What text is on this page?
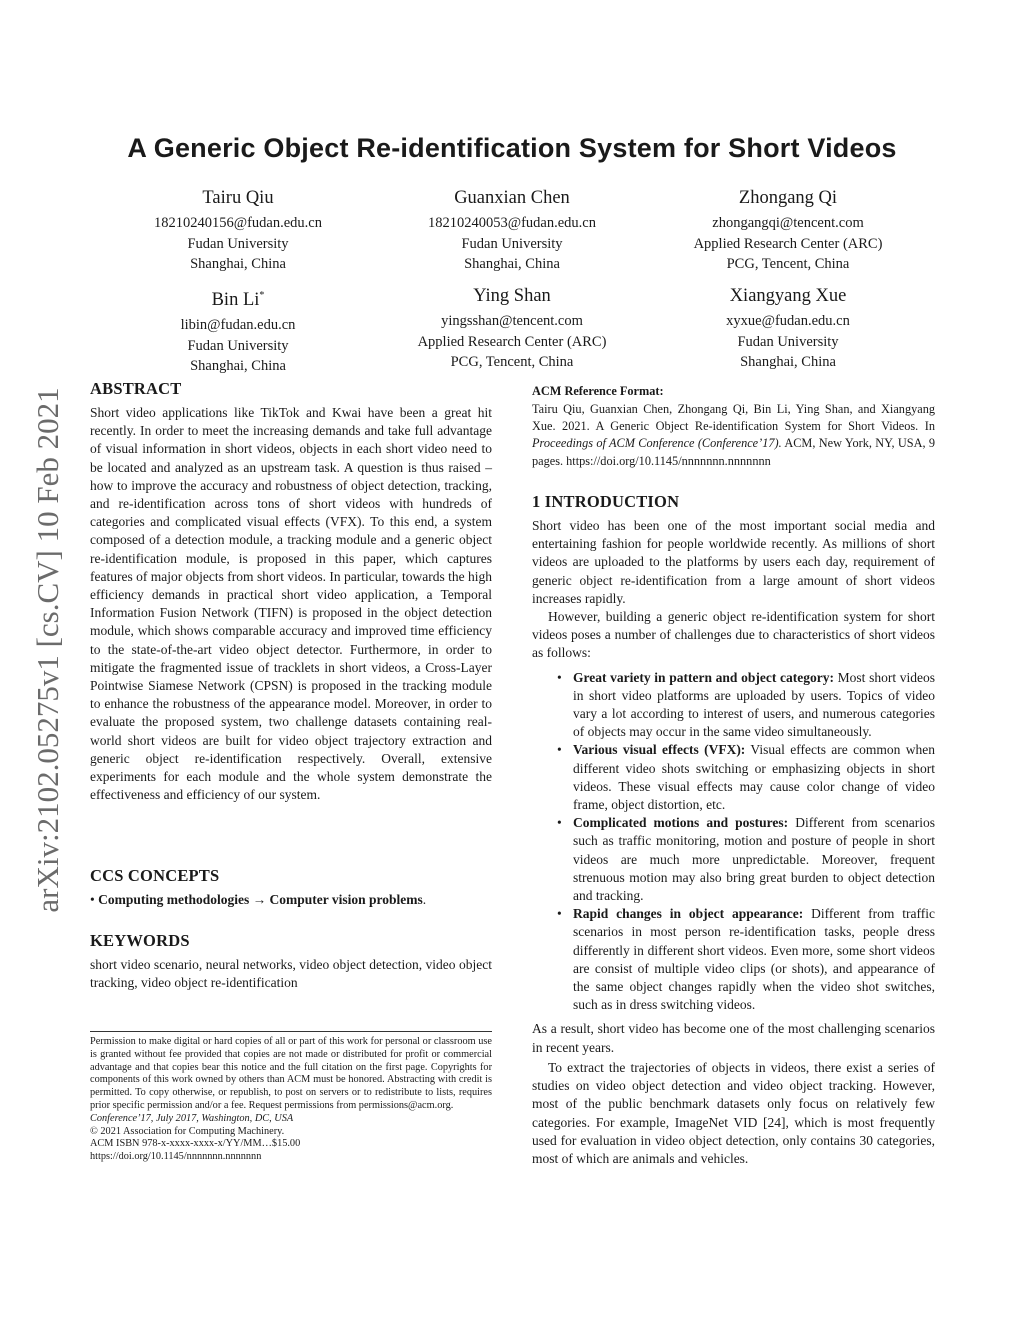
arXiv:2102.05275v1 [cs.CV] 10 Feb 2021
A Generic Object Re-identification System for Short Videos
Tairu Qiu
18210240156@fudan.edu.cn
Fudan University
Shanghai, China
Guanxian Chen
18210240053@fudan.edu.cn
Fudan University
Shanghai, China
Zhongang Qi
zhongangqi@tencent.com
Applied Research Center (ARC)
PCG, Tencent, China
Bin Li*
libin@fudan.edu.cn
Fudan University
Shanghai, China
Ying Shan
yingsshan@tencent.com
Applied Research Center (ARC)
PCG, Tencent, China
Xiangyang Xue
xyxue@fudan.edu.cn
Fudan University
Shanghai, China
ABSTRACT
Short video applications like TikTok and Kwai have been a great hit recently. In order to meet the increasing demands and take full advantage of visual information in short videos, objects in each short video need to be located and analyzed as an upstream task. A question is thus raised – how to improve the accuracy and robustness of object detection, tracking, and re-identification across tons of short videos with hundreds of categories and complicated visual effects (VFX). To this end, a system composed of a detection module, a tracking module and a generic object re-identification module, is proposed in this paper, which captures features of major objects from short videos. In particular, towards the high efficiency demands in practical short video application, a Temporal Information Fusion Network (TIFN) is proposed in the object detection module, which shows comparable accuracy and improved time efficiency to the state-of-the-art video object detector. Furthermore, in order to mitigate the fragmented issue of tracklets in short videos, a Cross-Layer Pointwise Siamese Network (CPSN) is proposed in the tracking module to enhance the robustness of the appearance model. Moreover, in order to evaluate the proposed system, two challenge datasets containing real-world short videos are built for video object trajectory extraction and generic object re-identification respectively. Overall, extensive experiments for each module and the whole system demonstrate the effectiveness and efficiency of our system.
CCS CONCEPTS
• Computing methodologies → Computer vision problems.
KEYWORDS
short video scenario, neural networks, video object detection, video object tracking, video object re-identification

Permission to make digital or hard copies of all or part of this work for personal or classroom use is granted without fee provided that copies are not made or distributed for profit or commercial advantage and that copies bear this notice and the full citation on the first page. Copyrights for components of this work owned by others than ACM must be honored. Abstracting with credit is permitted. To copy otherwise, or republish, to post on servers or to redistribute to lists, requires prior specific permission and/or a fee. Request permissions from permissions@acm.org.

Conference’17, July 2017, Washington, DC, USA

© 2021 Association for Computing Machinery.

ACM ISBN 978-x-xxxx-xxxx-x/YY/MM…$15.00

https://doi.org/10.1145/nnnnnnn.nnnnnnn

ACM Reference Format:
Tairu Qiu, Guanxian Chen, Zhongang Qi, Bin Li, Ying Shan, and Xiangyang Xue. 2021. A Generic Object Re-identification System for Short Videos. In Proceedings of ACM Conference (Conference’17). ACM, New York, NY, USA, 9 pages. https://doi.org/10.1145/nnnnnnn.nnnnnnn
1 INTRODUCTION

Short video has been one of the most important social media and entertaining fashion for people worldwide recently. As millions of short videos are uploaded to the platforms by users each day, requirement of generic object re-identification from a large amount of short videos increases rapidly.

However, building a generic object re-identification system for short videos poses a number of challenges due to characteristics of short videos as follows:

• Great variety in pattern and object category: Most short videos in short video platforms are uploaded by users. Topics of video vary a lot according to interest of users, and numerous categories of objects may occur in the same video simultaneously.
• Various visual effects (VFX): Visual effects are common when different video shots switching or emphasizing objects in short videos. These visual effects may cause color change of video frame, object distortion, etc.
• Complicated motions and postures: Different from scenarios such as traffic monitoring, motion and posture of people in short videos are much more unpredictable. Moreover, frequent strenuous motion may also bring great burden to object detection and tracking.
• Rapid changes in object appearance: Different from traffic scenarios in most person re-identification tasks, people dress differently in different short videos. Even more, some short videos are consist of multiple video clips (or shots), and appearance of the same object changes rapidly when the video shot switches, such as in dress switching videos.

As a result, short video has become one of the most challenging scenarios in recent years.

To extract the trajectories of objects in videos, there exist a series of studies on video object detection and video object tracking. However, most of the public benchmark datasets only focus on relatively few categories. For example, ImageNet VID [24], which is most frequently used for evaluation in video object detection, only contains 30 categories, most of which are animals and vehicles.
